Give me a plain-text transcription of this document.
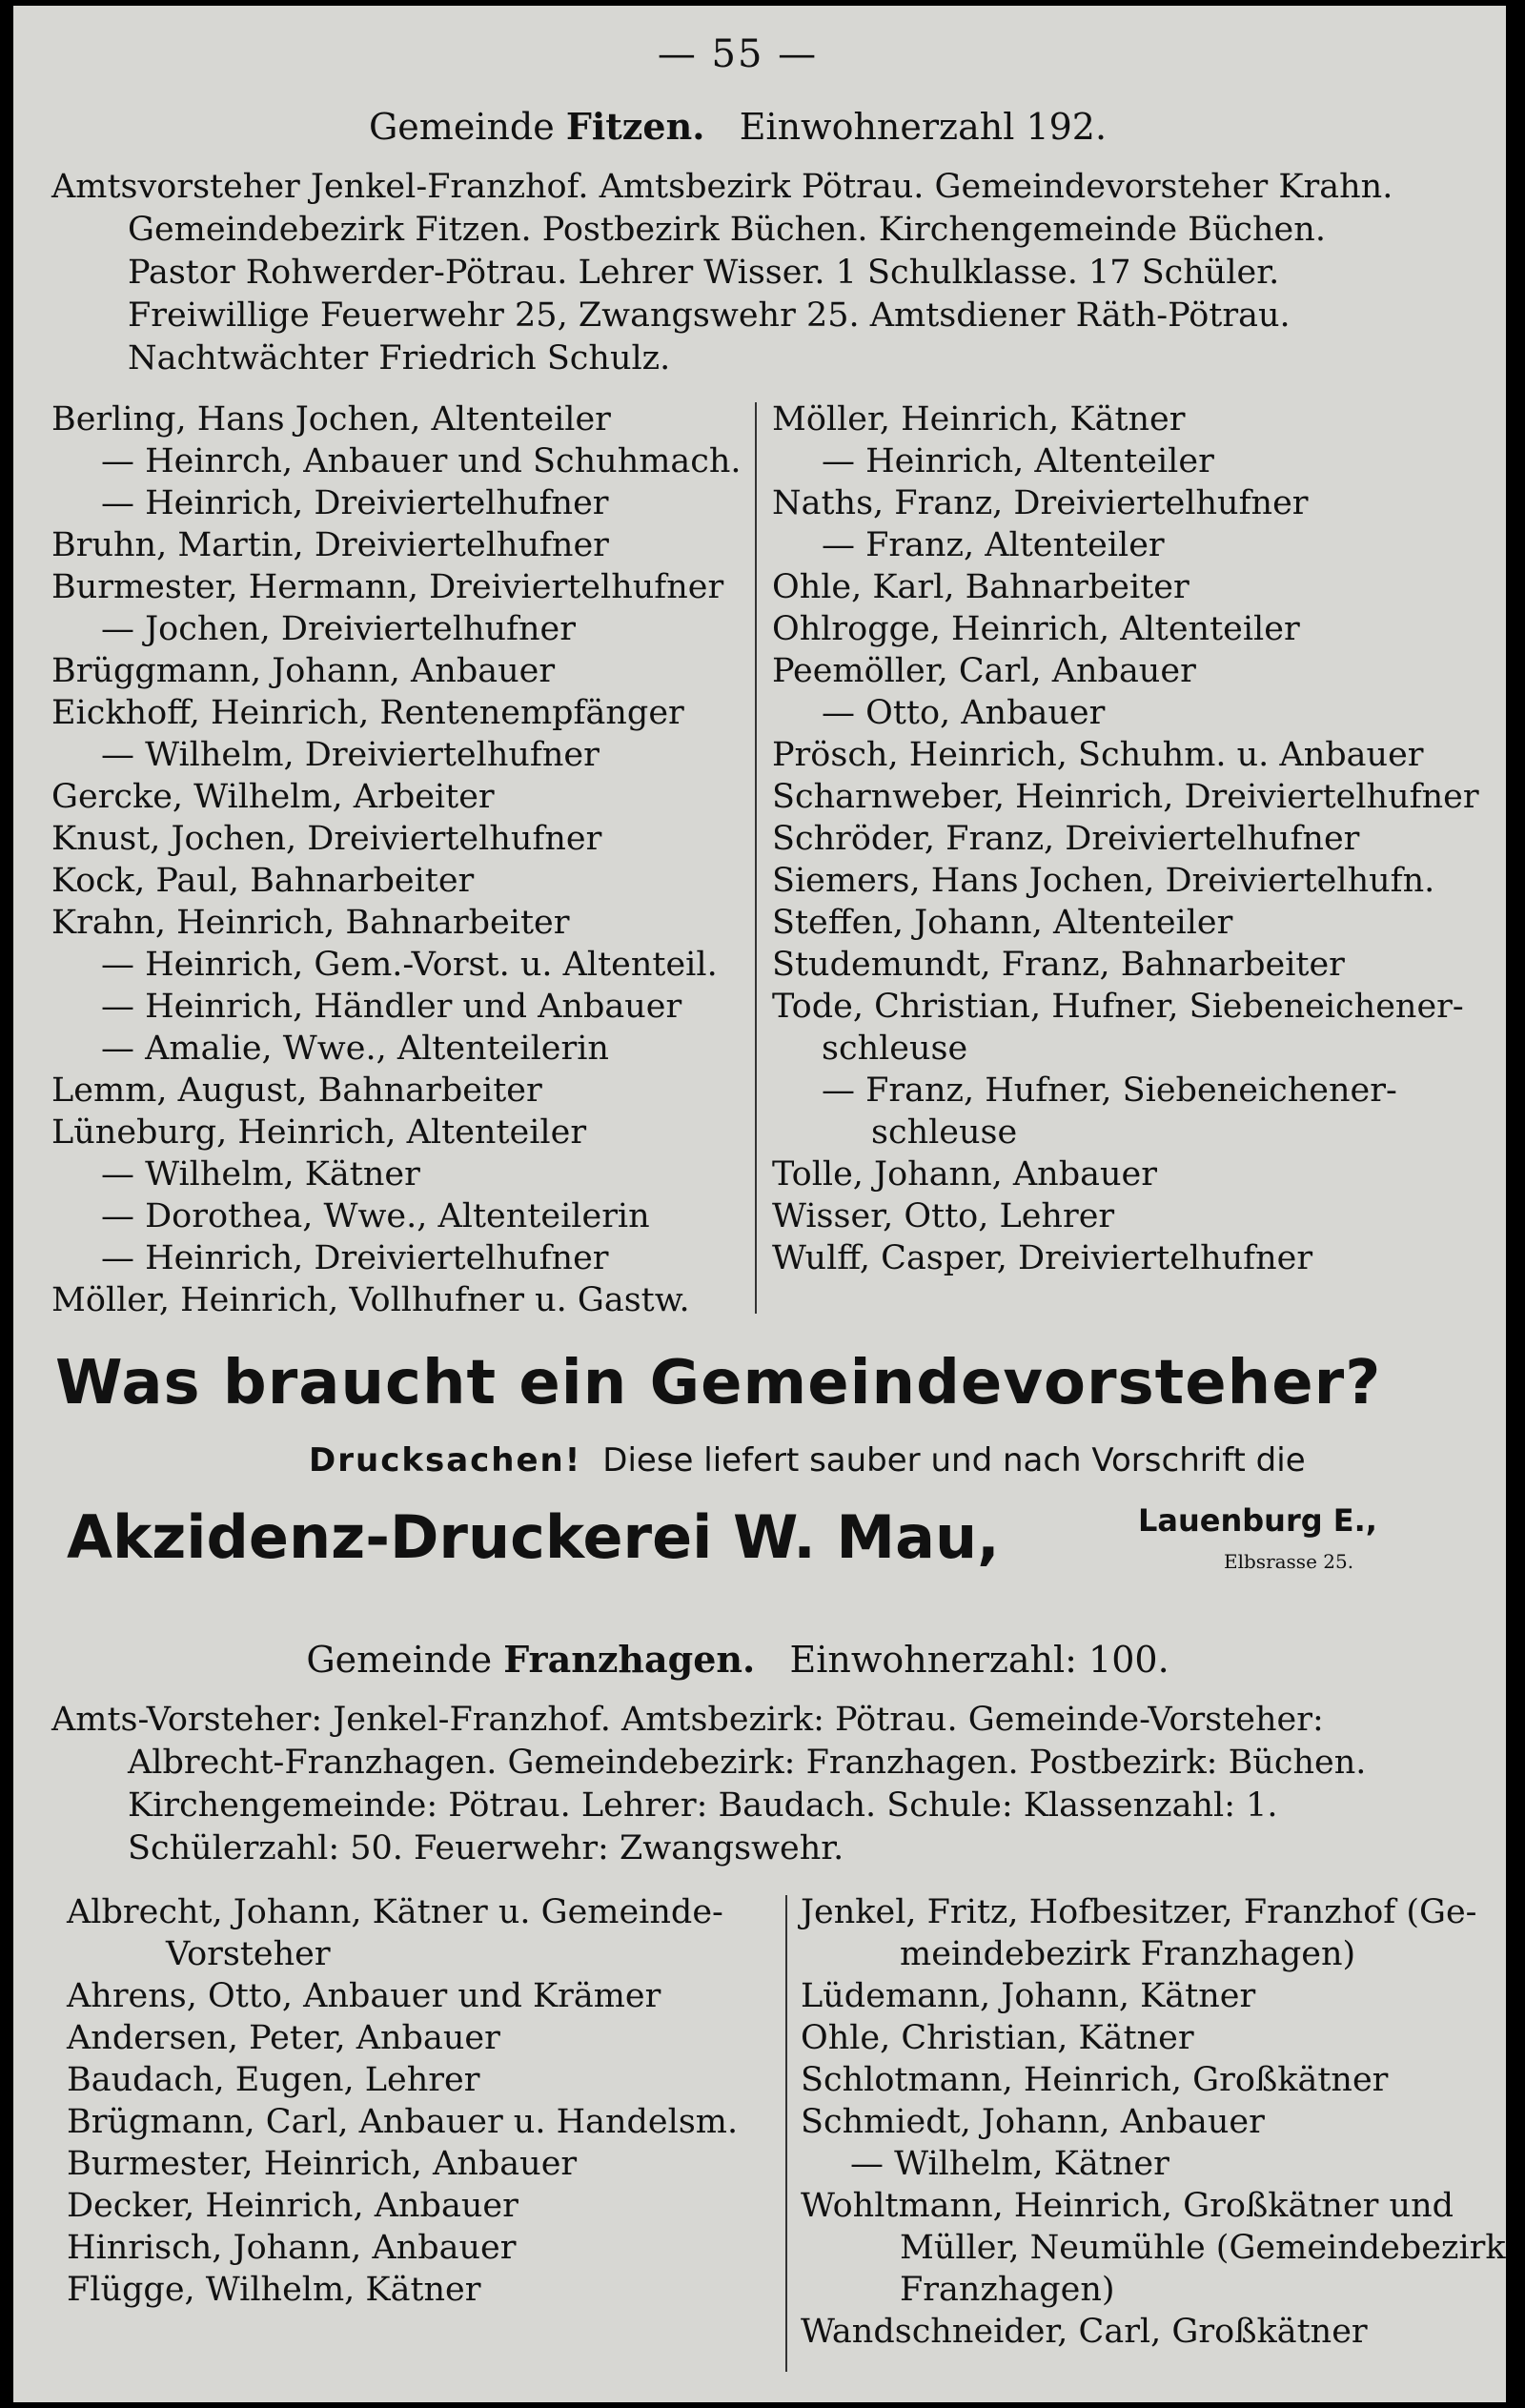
— 55 —
Gemeinde Fitzen. Einwohnerzahl 192.
Amtsvorsteher Jenkel-Franzhof. Amtsbezirk Pötrau. Gemeindevorsteher Krahn.
Gemeindebezirk Fitzen. Postbezirk Büchen. Kirchengemeinde Büchen.
Pastor Rohwerder-Pötrau. Lehrer Wisser. 1 Schulklasse. 17 Schüler.
Freiwillige Feuerwehr 25, Zwangswehr 25. Amtsdiener Räth-Pötrau.
Nachtwächter Friedrich Schulz.
Berling, Hans Jochen, Altenteiler
— Heinrch, Anbauer und Schuhmach.
— Heinrich, Dreiviertelhufner
Bruhn, Martin, Dreiviertelhufner
Burmester, Hermann, Dreiviertelhufner
— Jochen, Dreiviertelhufner
Brüggmann, Johann, Anbauer
Eickhoff, Heinrich, Rentenempfänger
— Wilhelm, Dreiviertelhufner
Gercke, Wilhelm, Arbeiter
Knust, Jochen, Dreiviertelhufner
Kock, Paul, Bahnarbeiter
Krahn, Heinrich, Bahnarbeiter
— Heinrich, Gem.-Vorst. u. Altenteil.
— Heinrich, Händler und Anbauer
— Amalie, Wwe., Altenteilerin
Lemm, August, Bahnarbeiter
Lüneburg, Heinrich, Altenteiler
— Wilhelm, Kätner
— Dorothea, Wwe., Altenteilerin
— Heinrich, Dreiviertelhufner
Möller, Heinrich, Vollhufner u. Gastw.
Möller, Heinrich, Kätner
— Heinrich, Altenteiler
Naths, Franz, Dreiviertelhufner
— Franz, Altenteiler
Ohle, Karl, Bahnarbeiter
Ohlrogge, Heinrich, Altenteiler
Peemöller, Carl, Anbauer
— Otto, Anbauer
Prösch, Heinrich, Schuhm. u. Anbauer
Scharnweber, Heinrich, Dreiviertelhufner
Schröder, Franz, Dreiviertelhufner
Siemers, Hans Jochen, Dreiviertelhufn.
Steffen, Johann, Altenteiler
Studemundt, Franz, Bahnarbeiter
Tode, Christian, Hufner, Siebeneichener-
schleuse
— Franz, Hufner, Siebeneichener-
schleuse
Tolle, Johann, Anbauer
Wisser, Otto, Lehrer
Wulff, Casper, Dreiviertelhufner
Was braucht ein Gemeindevorsteher?
Drucksachen! Diese liefert sauber und nach Vorschrift die
Akzidenz-Druckerei W. Mau,	Lauenburg E.,
Elbsrasse 25.
Gemeinde Franzhagen. Einwohnerzahl: 100.
Amts-Vorsteher: Jenkel-Franzhof. Amtsbezirk: Pötrau. Gemeinde-Vorsteher:
Albrecht-Franzhagen. Gemeindebezirk: Franzhagen. Postbezirk: Büchen.
Kirchengemeinde: Pötrau. Lehrer: Baudach. Schule: Klassenzahl: 1.
Schülerzahl: 50. Feuerwehr: Zwangswehr.
Albrecht, Johann, Kätner u. Gemeinde-
Vorsteher
Ahrens, Otto, Anbauer und Krämer
Andersen, Peter, Anbauer
Baudach, Eugen, Lehrer
Brügmann, Carl, Anbauer u. Handelsm.
Burmester, Heinrich, Anbauer
Decker, Heinrich, Anbauer
Hinrisch, Johann, Anbauer
Flügge, Wilhelm, Kätner
Jenkel, Fritz, Hofbesitzer, Franzhof (Ge-
meindebezirk Franzhagen)
Lüdemann, Johann, Kätner
Ohle, Christian, Kätner
Schlotmann, Heinrich, Großkätner
Schmiedt, Johann, Anbauer
— Wilhelm, Kätner
Wohltmann, Heinrich, Großkätner und
Müller, Neumühle (Gemeindebezirk
Franzhagen)
Wandschneider, Carl, Großkätner
